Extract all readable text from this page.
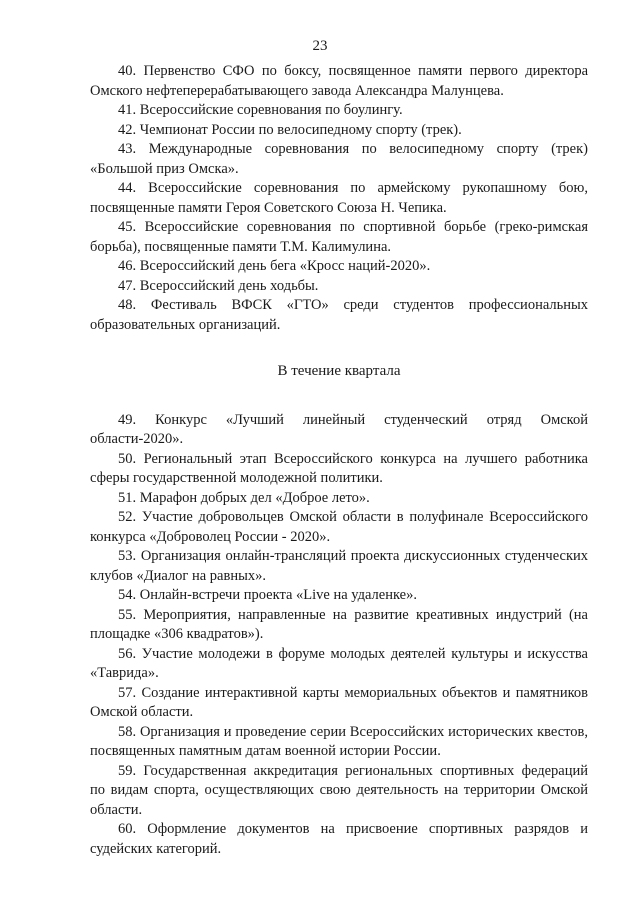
23

40. Первенство СФО по боксу, посвященное памяти первого директора Омского нефтеперерабатывающего завода Александра Малунцева.

41. Всероссийские соревнования по боулингу.

42. Чемпионат России по велосипедному спорту (трек).

43. Международные соревнования по велосипедному спорту (трек) «Большой приз Омска».

44. Всероссийские соревнования по армейскому рукопашному бою, посвященные памяти Героя Советского Союза Н. Чепика.

45. Всероссийские соревнования по спортивной борьбе (греко-римская борьба), посвященные памяти Т.М. Калимулина.

46. Всероссийский день бега «Кросс наций-2020».

47. Всероссийский день ходьбы.

48. Фестиваль ВФСК «ГТО» среди студентов профессиональных образовательных организаций.

В течение квартала

49. Конкурс «Лучший линейный студенческий отряд Омской области-2020».

50. Региональный этап Всероссийского конкурса на лучшего работника сферы государственной молодежной политики.

51. Марафон добрых дел «Доброе лето».

52. Участие добровольцев Омской области в полуфинале Всероссийского конкурса «Доброволец России - 2020».

53. Организация онлайн-трансляций проекта дискуссионных студенческих клубов «Диалог на равных».

54. Онлайн-встречи проекта «Live на удаленке».

55. Мероприятия, направленные на развитие креативных индустрий (на площадке «306 квадратов»).

56. Участие молодежи в форуме молодых деятелей культуры и искусства «Таврида».

57. Создание интерактивной карты мемориальных объектов и памятников Омской области.

58. Организация и проведение серии Всероссийских исторических квестов, посвященных памятным датам военной истории России.

59. Государственная аккредитация региональных спортивных федераций по видам спорта, осуществляющих свою деятельность на территории Омской области.

60. Оформление документов на присвоение спортивных разрядов и судейских категорий.
